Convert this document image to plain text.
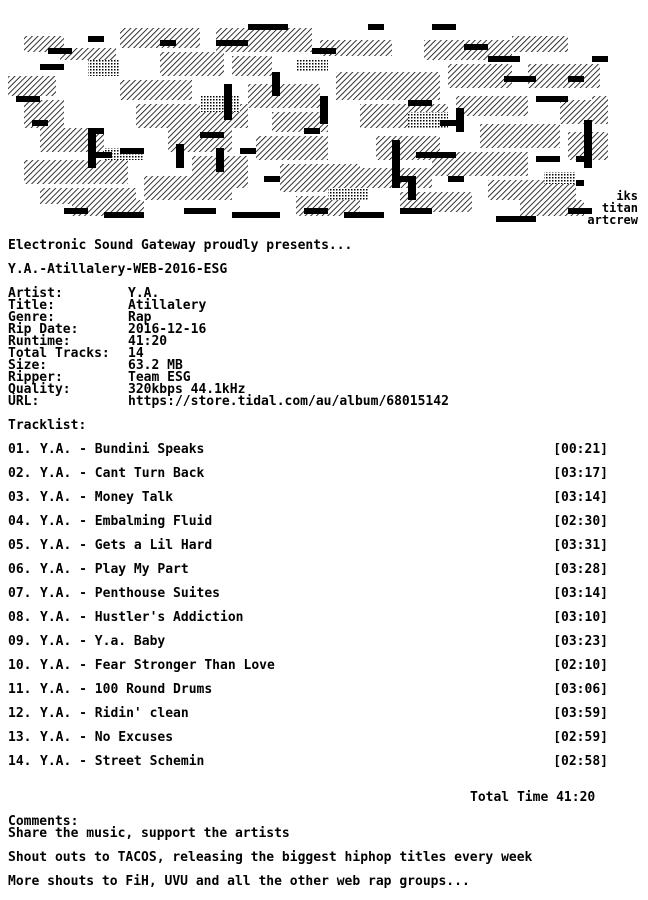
iks
titan
artcrew
Electronic Sound Gateway proudly presents...
Y.A.-Atillalery-WEB-2016-ESG
Artist:	Y.A.
Title:	Atillalery
Genre:	Rap
Rip Date:	2016-12-16
Runtime:	41:20
Total Tracks: 14
Size:	63.2 MB
Ripper:	Team ESG
Quality:	320kbps 44.1kHz
URL:	https://store.tidal.com/au/album/68015142
Tracklist:
01. Y.A. - Bundini Speaks	[00:21]
02. Y.A. - Cant Turn Back	[03:17]
03. Y.A. - Money Talk	[03:14]
04. Y.A. - Embalming Fluid	[02:30]
05. Y.A. - Gets a Lil Hard	[03:31]
06. Y.A. - Play My Part	[03:28]
07. Y.A. - Penthouse Suites	[03:14]
08. Y.A. - Hustler's Addiction	[03:10]
09. Y.A. - Y.a. Baby	[03:23]
10. Y.A. - Fear Stronger Than Love	[02:10]
11. Y.A. - 100 Round Drums	[03:06]
12. Y.A. - Ridin' clean	[03:59]
13. Y.A. - No Excuses	[02:59]
14. Y.A. - Street Schemin	[02:58]
Total Time 41:20
Comments:
Share the music, support the artists
Shout outs to TACOS, releasing the biggest hiphop titles every week
More shouts to FiH, UVU and all the other web rap groups...
